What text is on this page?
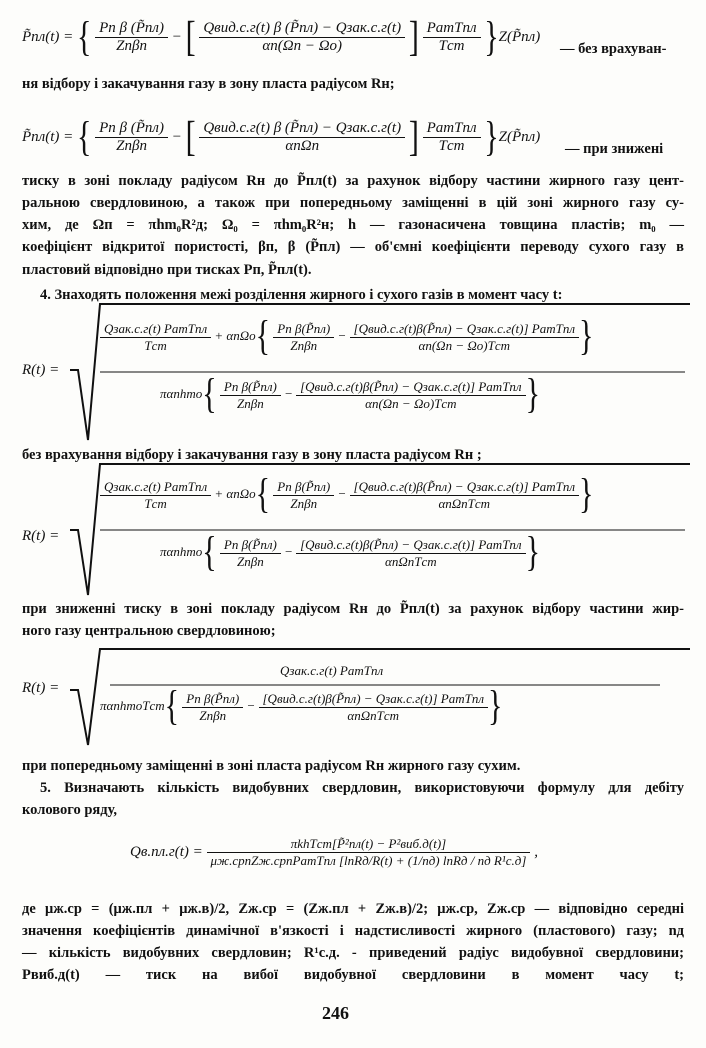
P̃пл(t) = { $\frac{\text{Pп β (P̃пл)}}{\text{Zпβп}}$ − [ $\frac{\text{Qвид.с.г(t) β (P̃пл) − Qзак.с.г(t)}}{\alpha п(\Omega п - \Omega о)}$ ] $\frac{\text{PатTпл}}{\text{Tст}}$ }Z(P̃пл)
— без врахуван-
ня відбору і закачування газу в зону пласта радіусом Rн;
P̃пл(t) = { $\frac{\text{Pп β (P̃пл)}}{\text{Zпβп}}$ − [ $\frac{\text{Qвид.с.г(t) β (P̃пл) − Qзак.с.г(t)}}{\text{αпΩп}}$ ] $\frac{\text{PатTпл}}{\text{Tст}}$ }Z(P̃пл)
— при знижені
тиску в зоні покладу радіусом Rн до P̃пл(t) за рахунок відбору частини жирного газу цент-
ральною свердловиною, а також при попередньому заміщенні в цій зоні жирного газу су-
хим, де Ωп = πhm₀R²д; Ω₀ = πhm₀R²н; h — газонасичена товщина пластів; m₀ —
коефіцієнт відкритої пористості, βп, β (P̃пл) — об'ємні коефіцієнти переводу сухого газу в
пластовий відповідно при тисках Pп, P̃пл(t).
4. Знаходять положення межі розділення жирного і сухого газів в момент часу t:
R(t) =
$\frac{\text{Qзак.с.г(t) PатTпл}}{\text{Tст}} + \alpha п\Omega о\{ \frac{\text{Pп β(P̃пл)}}{\text{Zпβп}} - \frac{\text{[Qвид.с.г(t)β(P̃пл) − Qзак.с.г(t)] PатTпл}}{\text{αп(Ωп − Ωо)Tст}}$ }
παпhmо{ $\frac{\text{Pп β(P̃пл)}}{\text{Zпβп}} - \frac{\text{[Qвид.с.г(t)β(P̃пл) − Qзак.с.г(t)] PатTпл}}{\text{αп(Ωп − Ωо)Tст}}$ }
без врахування відбору і закачування газу в зону пласта радіусом Rн ;
R(t) =
$\frac{\text{Qзак.с.г(t) PатTпл}}{\text{Tст}} + \alpha п\Omega о\{ \frac{\text{Pп β(P̃пл)}}{\text{Zпβп}} - \frac{\text{[Qвид.с.г(t)β(P̃пл) − Qзак.с.г(t)] PатTпл}}{\text{αпΩпTст}}$ }
παпhmо{ $\frac{\text{Pп β(P̃пл)}}{\text{Zпβп}} - \frac{\text{[Qвид.с.г(t)β(P̃пл) − Qзак.с.г(t)] PатTпл}}{\text{αпΩпTст}}$ }
при зниженні тиску в зоні покладу радіусом Rн до P̃пл(t) за рахунок відбору частини жир-
ного газу центральною свердловиною;
R(t) =
Qзак.с.г(t) PатTпл
παпhmоTст{ $\frac{\text{Pп β(P̃пл)}}{\text{Zпβп}} - \frac{\text{[Qвид.с.г(t)β(P̃пл) − Qзак.с.г(t)] PатTпл}}{\text{αпΩпTст}}$ }
при попередньому заміщенні в зоні пласта радіусом Rн жирного газу сухим.
5. Визначають кількість видобувних свердловин, використовуючи формулу для дебіту
колового ряду,
$Qв.пл.г(t) = \frac{\text{πkhTст[P̃²пл(t) − P²виб.д(t)]}}{\text{μж.српZж.српPатTпл [lnRд/R(t) + (1/nд) lnRд / nд R¹с.д]}}$ ,
де μж.ср = (μж.пл + μж.в)/2, Zж.ср = (Zж.пл + Zж.в)/2; μж.ср, Zж.ср — відповідно середні
значення коефіцієнтів динамічної в'язкості і надстисливості жирного (пластового) газу; nд
— кількість видобувних свердловин; R¹с.д. - приведений радіус видобувної свердловини;
Pвиб.д(t) — тиск на вибої видобувної свердловини в момент часу t;
246
